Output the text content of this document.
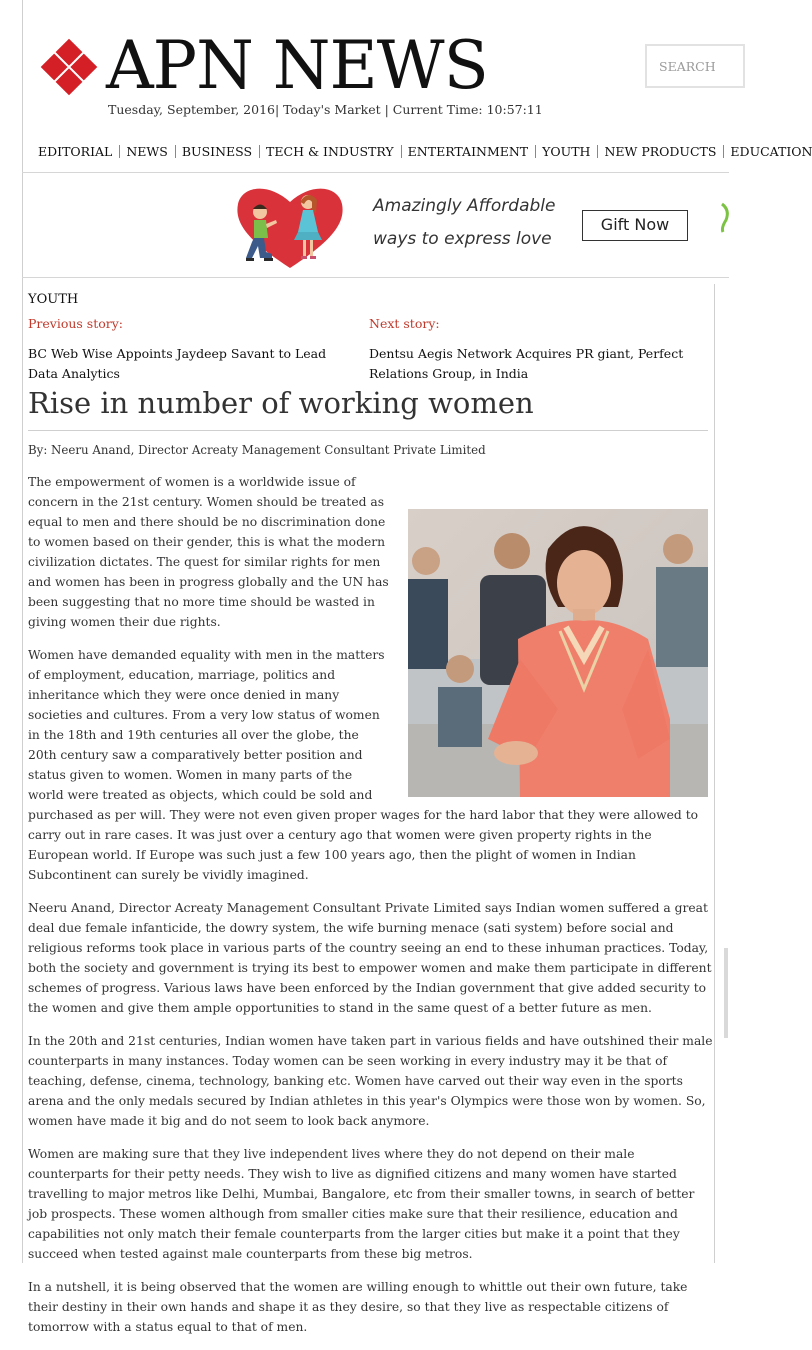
APN NEWS
Tuesday, September, 2016| Today's Market | Current Time: 10:57:11
SEARCH
EDITORIAL NEWS BUSINESS TECH & INDUSTRY ENTERTAINMENT YOUTH NEW PRODUCTS EDUCATION
Amazingly Affordable
ways to express love
Gift Now
YOUTH
Previous story:
BC Web Wise Appoints Jaydeep Savant to Lead Data Analytics
Next story:
Dentsu Aegis Network Acquires PR giant, Perfect Relations Group, in India
Rise in number of working women
By: Neeru Anand, Director Acreaty Management Consultant Private Limited

The empowerment of women is a worldwide issue of concern in the 21st century. Women should be treated as equal to men and there should be no discrimination done to women based on their gender, this is what the modern civilization dictates. The quest for similar rights for men and women has been in progress globally and the UN has been suggesting that no more time should be wasted in giving women their due rights.

Women have demanded equality with men in the matters of employment, education, marriage, politics and inheritance which they were once denied in many societies and cultures. From a very low status of women in the 18th and 19th centuries all over the globe, the 20th century saw a comparatively better position and status given to women. Women in many parts of the world were treated as objects, which could be sold and purchased as per will. They were not even given proper wages for the hard labor that they were allowed to carry out in rare cases. It was just over a century ago that women were given property rights in the European world. If Europe was such just a few 100 years ago, then the plight of women in Indian Subcontinent can surely be vividly imagined.

Neeru Anand, Director Acreaty Management Consultant Private Limited says Indian women suffered a great deal due female infanticide, the dowry system, the wife burning menace (sati system) before social and religious reforms took place in various parts of the country seeing an end to these inhuman practices. Today, both the society and government is trying its best to empower women and make them participate in different schemes of progress. Various laws have been enforced by the Indian government that give added security to the women and give them ample opportunities to stand in the same quest of a better future as men.

In the 20th and 21st centuries, Indian women have taken part in various fields and have outshined their male counterparts in many instances. Today women can be seen working in every industry may it be that of teaching, defense, cinema, technology, banking etc. Women have carved out their way even in the sports arena and the only medals secured by Indian athletes in this year's Olympics were those won by women. So, women have made it big and do not seem to look back anymore.

Women are making sure that they live independent lives where they do not depend on their male counterparts for their petty needs. They wish to live as dignified citizens and many women have started travelling to major metros like Delhi, Mumbai, Bangalore, etc from their smaller towns, in search of better job prospects. These women although from smaller cities make sure that their resilience, education and capabilities not only match their female counterparts from the larger cities but make it a point that they succeed when tested against male counterparts from these big metros.

In a nutshell, it is being observed that the women are willing enough to whittle out their own future, take their destiny in their own hands and shape it as they desire, so that they live as respectable citizens of tomorrow with a status equal to that of men.
